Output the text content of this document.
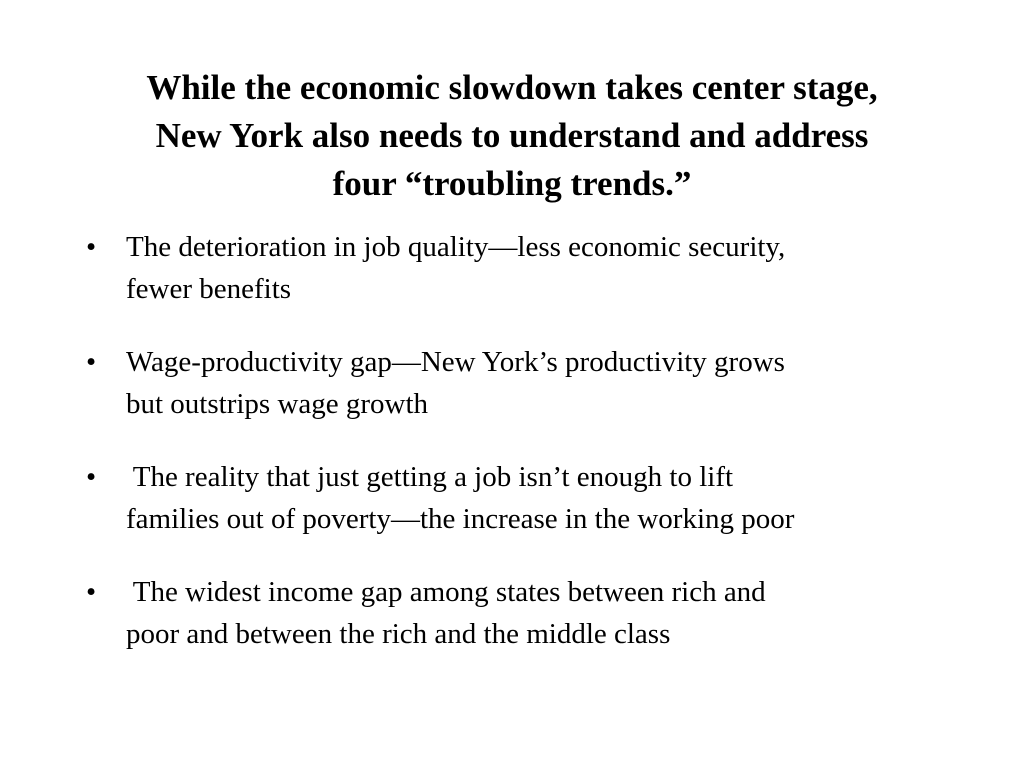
While the economic slowdown takes center stage,
New York also needs to understand and address
four “troubling trends.”
• The deterioration in job quality—less economic security,
fewer benefits
• Wage-productivity gap—New York’s productivity grows
but outstrips wage growth
• The reality that just getting a job isn’t enough to lift
families out of poverty—the increase in the working poor
• The widest income gap among states between rich and
poor and between the rich and the middle class
